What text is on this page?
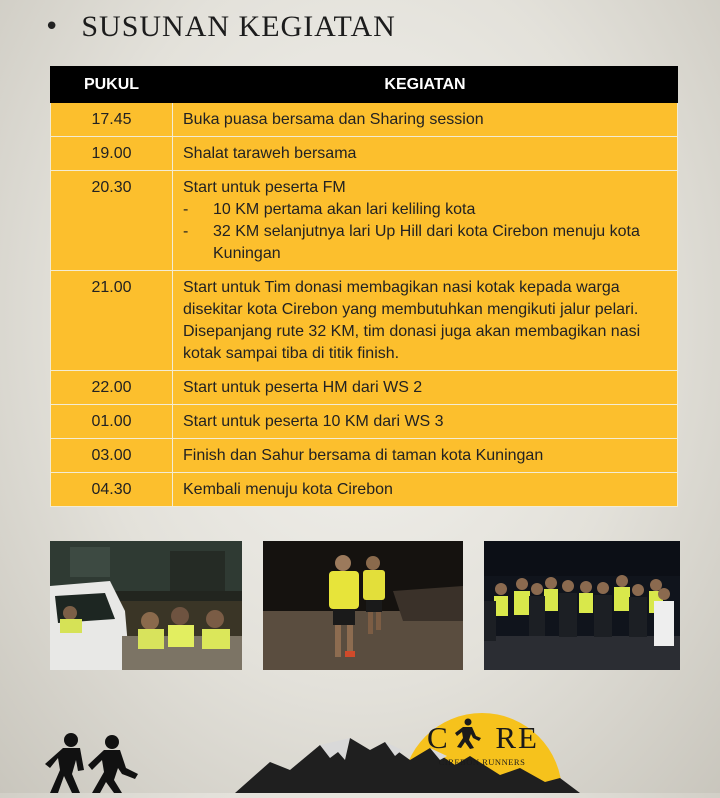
• SUSUNAN KEGIATAN
PUKUL	KEGIATAN
17.45	Buka puasa bersama dan Sharing session

19.00	Shalat taraweh bersama

20.30	Start untuk peserta FM
- 10 KM pertama akan lari keliling kota
- 32 KM selanjutnya lari Up Hill dari kota Cirebon menuju kota Kuningan

21.00	Start untuk Tim donasi membagikan nasi kotak kepada warga disekitar kota Cirebon yang membutuhkan mengikuti jalur pelari.
Disepanjang rute 32 KM, tim donasi juga akan membagikan nasi kotak sampai tiba di titik finish.

22.00	Start untuk peserta HM dari WS 2

01.00	Start untuk peserta 10 KM dari WS 3

03.00	Finish dan Sahur bersama di taman kota Kuningan

04.30	Kembali menuju kota Cirebon
C RE
CIREBON RUNNERS
